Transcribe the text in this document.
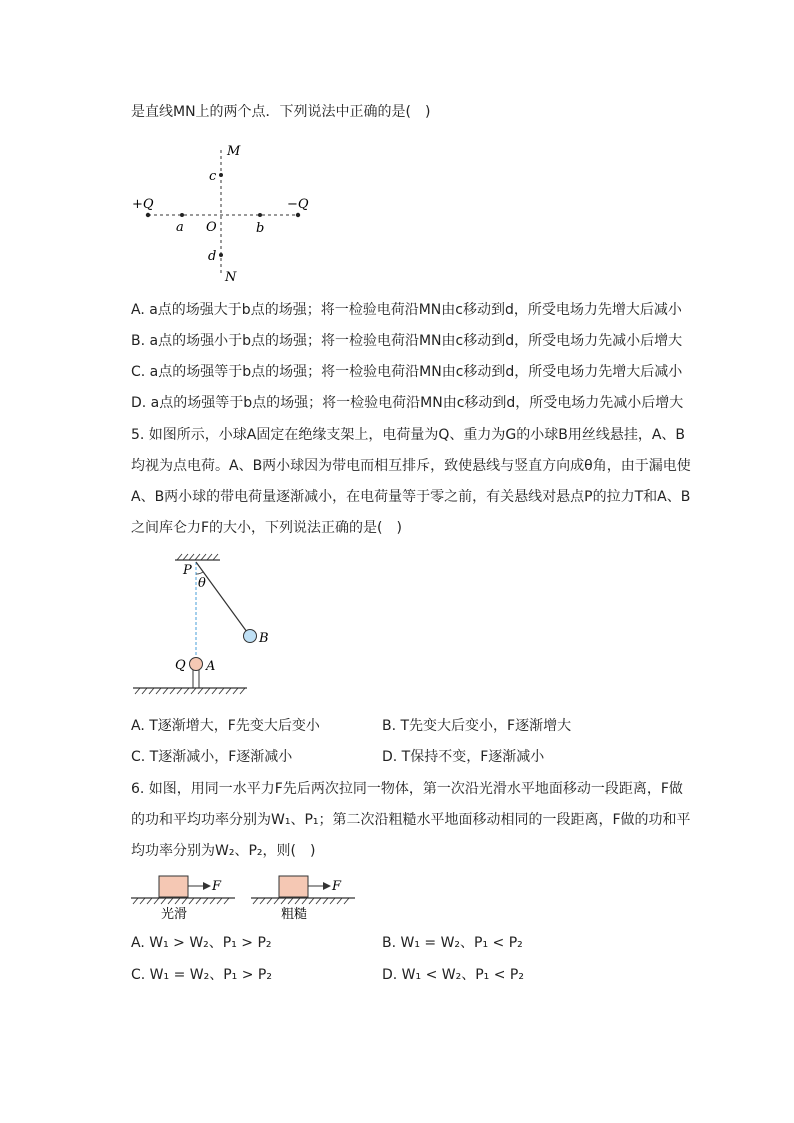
是直线MN上的两个点．下列说法中正确的是(　)
M
c
+Q	−Q
a O	b
d
N
A. a点的场强大于b点的场强；将一检验电荷沿MN由c移动到d，所受电场力先增大后减小
B. a点的场强小于b点的场强；将一检验电荷沿MN由c移动到d，所受电场力先减小后增大
C. a点的场强等于b点的场强；将一检验电荷沿MN由c移动到d，所受电场力先增大后减小
D. a点的场强等于b点的场强；将一检验电荷沿MN由c移动到d，所受电场力先减小后增大
5. 如图所示，小球A固定在绝缘支架上，电荷量为Q、重力为G的小球B用丝线悬挂，A、B
均视为点电荷。A、B两小球因为带电而相互排斥，致使悬线与竖直方向成θ角，由于漏电使
A、B两小球的带电荷量逐渐减小，在电荷量等于零之前，有关悬线对悬点P的拉力T和A、B
之间库仑力F的大小，下列说法正确的是(　)
P
θ
B
Q A
A. T逐渐增大，F先变大后变小	B. T先变大后变小，F逐渐增大
C. T逐渐减小，F逐渐减小	D. T保持不变，F逐渐减小
6. 如图，用同一水平力F先后两次拉同一物体，第一次沿光滑水平地面移动一段距离，F做
的功和平均功率分别为W₁、P₁；第二次沿粗糙水平地面移动相同的一段距离，F做的功和平
均功率分别为W₂、P₂，则(　)
F
光滑
F
粗糙
A. W₁ > W₂、P₁ > P₂	B. W₁ = W₂、P₁ < P₂
C. W₁ = W₂、P₁ > P₂	D. W₁ < W₂、P₁ < P₂
